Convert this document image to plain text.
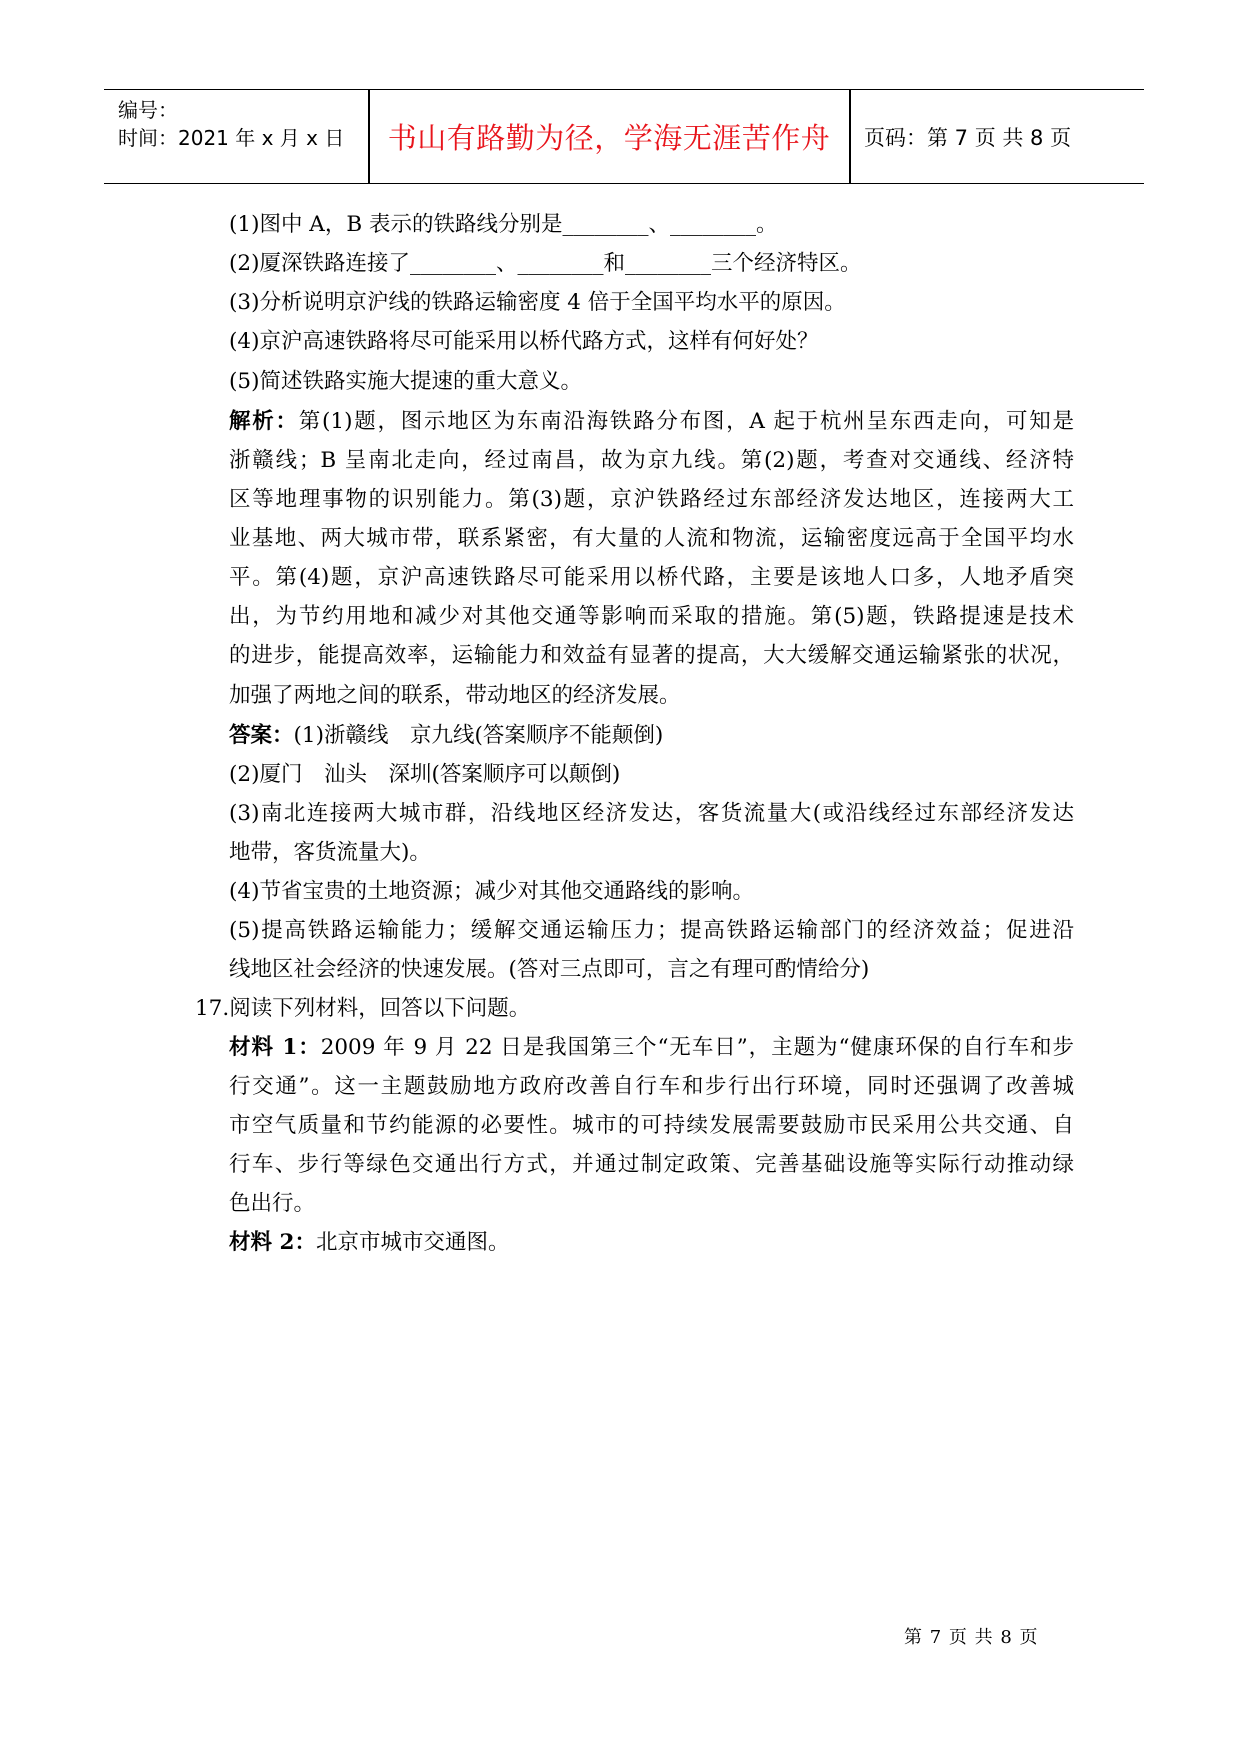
编号：
时间：2021 年 x 月 x 日	书山有路勤为径，学海无涯苦作舟	页码：第 7 页 共 8 页
(1)图中 A，B 表示的铁路线分别是________、________。
(2)厦深铁路连接了________、________和________三个经济特区。
(3)分析说明京沪线的铁路运输密度 4 倍于全国平均水平的原因。
(4)京沪高速铁路将尽可能采用以桥代路方式，这样有何好处？
(5)简述铁路实施大提速的重大意义。
解析：第(1)题，图示地区为东南沿海铁路分布图，A 起于杭州呈东西走向，可知是
浙赣线；B 呈南北走向，经过南昌，故为京九线。第(2)题，考查对交通线、经济特
区等地理事物的识别能力。第(3)题，京沪铁路经过东部经济发达地区，连接两大工
业基地、两大城市带，联系紧密，有大量的人流和物流，运输密度远高于全国平均水
平。第(4)题，京沪高速铁路尽可能采用以桥代路，主要是该地人口多，人地矛盾突
出，为节约用地和减少对其他交通等影响而采取的措施。第(5)题，铁路提速是技术
的进步，能提高效率，运输能力和效益有显著的提高，大大缓解交通运输紧张的状况，
加强了两地之间的联系，带动地区的经济发展。
答案：(1)浙赣线　京九线(答案顺序不能颠倒)
(2)厦门　汕头　深圳(答案顺序可以颠倒)
(3)南北连接两大城市群，沿线地区经济发达，客货流量大(或沿线经过东部经济发达
地带，客货流量大)。
(4)节省宝贵的土地资源；减少对其他交通路线的影响。
(5)提高铁路运输能力；缓解交通运输压力；提高铁路运输部门的经济效益；促进沿
线地区社会经济的快速发展。(答对三点即可，言之有理可酌情给分)
17.阅读下列材料，回答以下问题。
材料 1：2009 年 9 月 22 日是我国第三个“无车日”，主题为“健康环保的自行车和步
行交通”。这一主题鼓励地方政府改善自行车和步行出行环境，同时还强调了改善城
市空气质量和节约能源的必要性。城市的可持续发展需要鼓励市民采用公共交通、自
行车、步行等绿色交通出行方式，并通过制定政策、完善基础设施等实际行动推动绿
色出行。
材料 2：北京市城市交通图。
第 7 页 共 8 页
